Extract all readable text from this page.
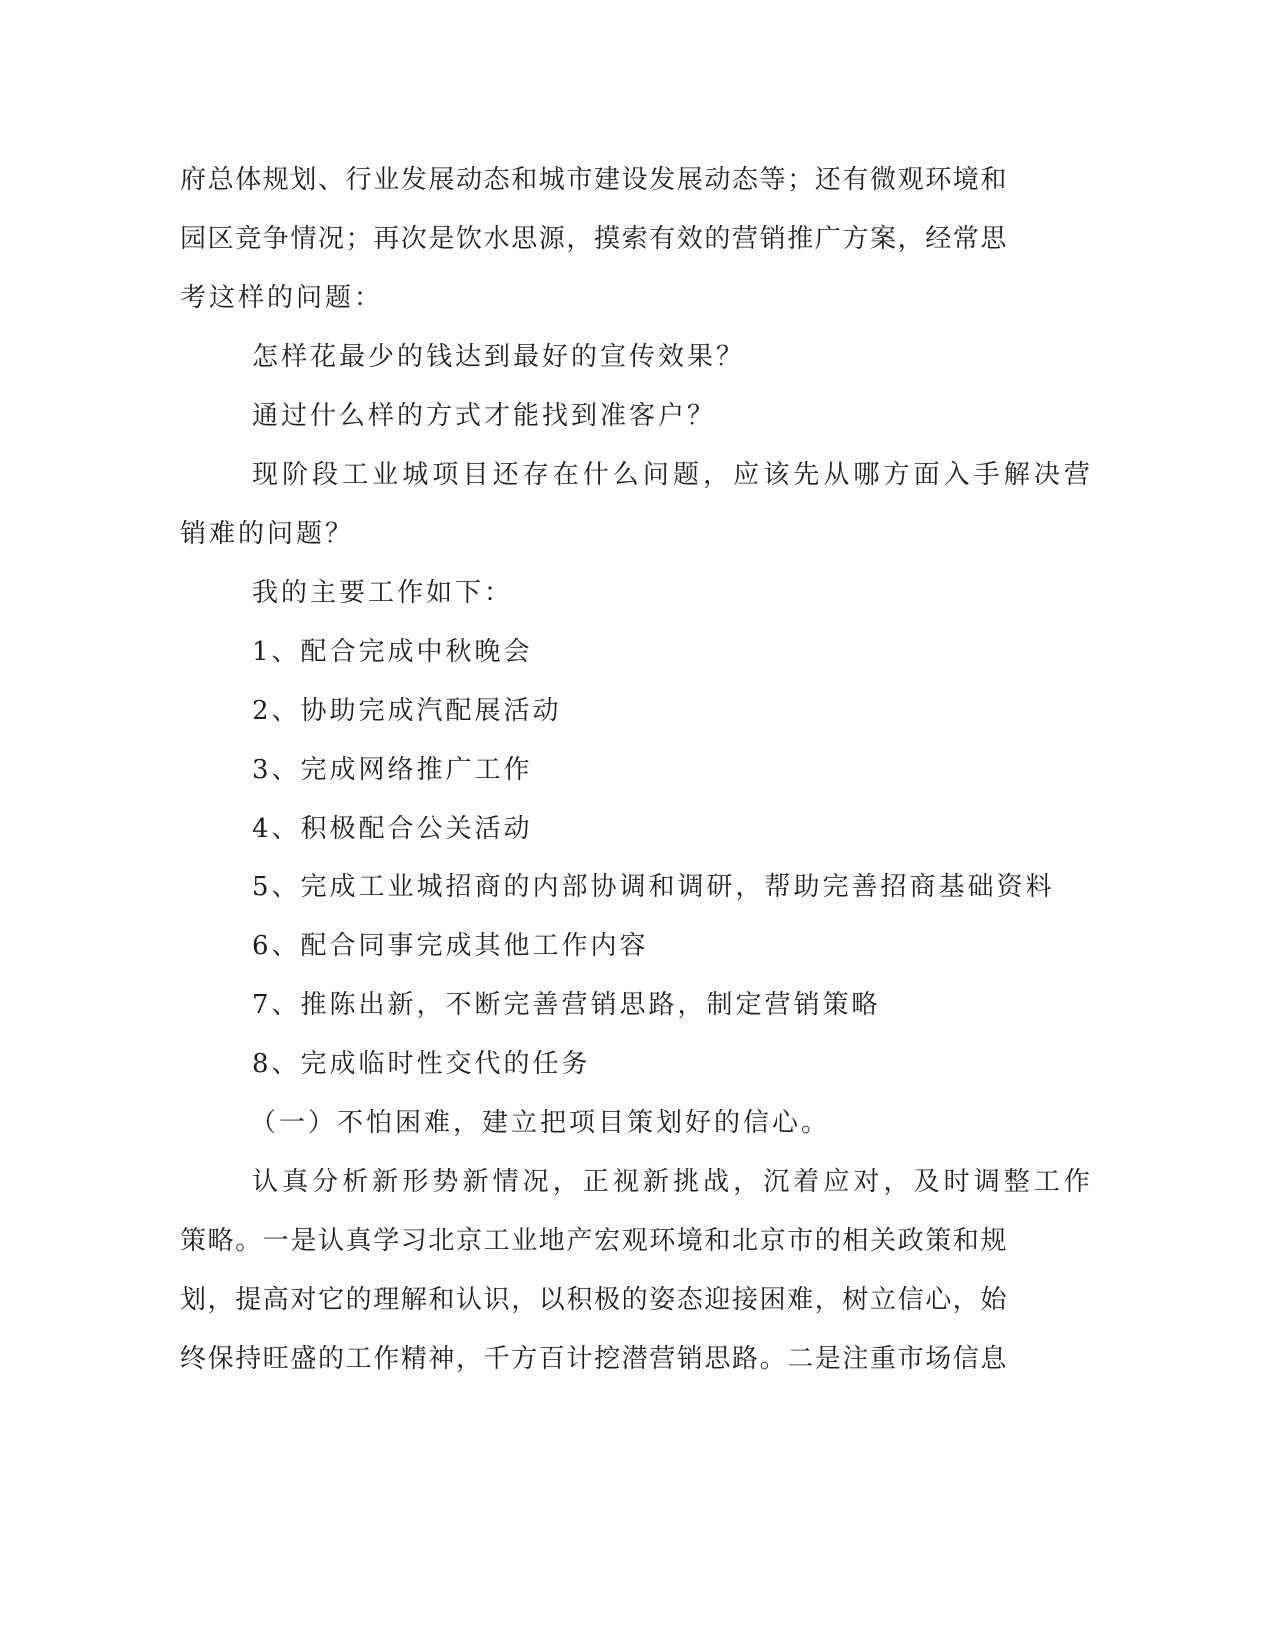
府总体规划、行业发展动态和城市建设发展动态等；还有微观环境和
园区竞争情况；再次是饮水思源，摸索有效的营销推广方案，经常思
考这样的问题：
怎样花最少的钱达到最好的宣传效果？
通过什么样的方式才能找到准客户？
现阶段工业城项目还存在什么问题，应该先从哪方面入手解决营
销难的问题？
我的主要工作如下：
1、配合完成中秋晚会
2、协助完成汽配展活动
3、完成网络推广工作
4、积极配合公关活动
5、完成工业城招商的内部协调和调研，帮助完善招商基础资料
6、配合同事完成其他工作内容
7、推陈出新，不断完善营销思路，制定营销策略
8、完成临时性交代的任务
（一）不怕困难，建立把项目策划好的信心。
认真分析新形势新情况，正视新挑战，沉着应对，及时调整工作
策略。一是认真学习北京工业地产宏观环境和北京市的相关政策和规
划，提高对它的理解和认识，以积极的姿态迎接困难，树立信心，始
终保持旺盛的工作精神，千方百计挖潜营销思路。二是注重市场信息
